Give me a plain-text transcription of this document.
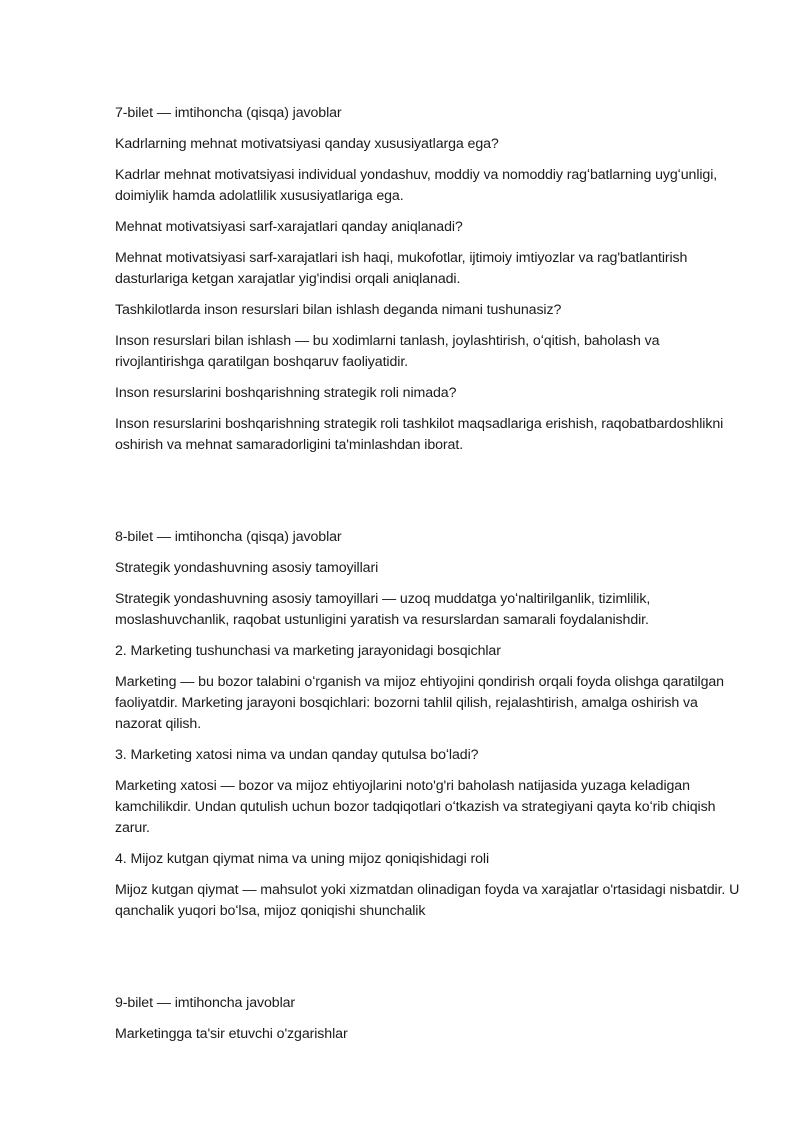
7-bilet — imtihoncha (qisqa) javoblar

Kadrlarning mehnat motivatsiyasi qanday xususiyatlarga ega?

Kadrlar mehnat motivatsiyasi individual yondashuv, moddiy va nomoddiy ragʻbatlarning uygʻunligi, doimiylik hamda adolatlilik xususiyatlariga ega.

Mehnat motivatsiyasi sarf-xarajatlari qanday aniqlanadi?

Mehnat motivatsiyasi sarf-xarajatlari ish haqi, mukofotlar, ijtimoiy imtiyozlar va rag'batlantirish dasturlariga ketgan xarajatlar yig'indisi orqali aniqlanadi.

Tashkilotlarda inson resurslari bilan ishlash deganda nimani tushunasiz?

Inson resurslari bilan ishlash — bu xodimlarni tanlash, joylashtirish, oʻqitish, baholash va rivojlantirishga qaratilgan boshqaruv faoliyatidir.

Inson resurslarini boshqarishning strategik roli nimada?

Inson resurslarini boshqarishning strategik roli tashkilot maqsadlariga erishish, raqobatbardoshlikni oshirish va mehnat samaradorligini ta'minlashdan iborat.

8-bilet — imtihoncha (qisqa) javoblar

Strategik yondashuvning asosiy tamoyillari

Strategik yondashuvning asosiy tamoyillari — uzoq muddatga yoʻnaltirilganlik, tizimlilik, moslashuvchanlik, raqobat ustunligini yaratish va resurslardan samarali foydalanishdir.

2. Marketing tushunchasi va marketing jarayonidagi bosqichlar

Marketing — bu bozor talabini oʻrganish va mijoz ehtiyojini qondirish orqali foyda olishga qaratilgan faoliyatdir. Marketing jarayoni bosqichlari: bozorni tahlil qilish, rejalashtirish, amalga oshirish va nazorat qilish.

3. Marketing xatosi nima va undan qanday qutulsa boʻladi?

Marketing xatosi — bozor va mijoz ehtiyojlarini noto'g'ri baholash natijasida yuzaga keladigan kamchilikdir. Undan qutulish uchun bozor tadqiqotlari oʻtkazish va strategiyani qayta koʻrib chiqish zarur.

4. Mijoz kutgan qiymat nima va uning mijoz qoniqishidagi roli

Mijoz kutgan qiymat — mahsulot yoki xizmatdan olinadigan foyda va xarajatlar o'rtasidagi nisbatdir. U qanchalik yuqori boʻlsa, mijoz qoniqishi shunchalik

9-bilet — imtihoncha javoblar

Marketingga ta'sir etuvchi o'zgarishlar
